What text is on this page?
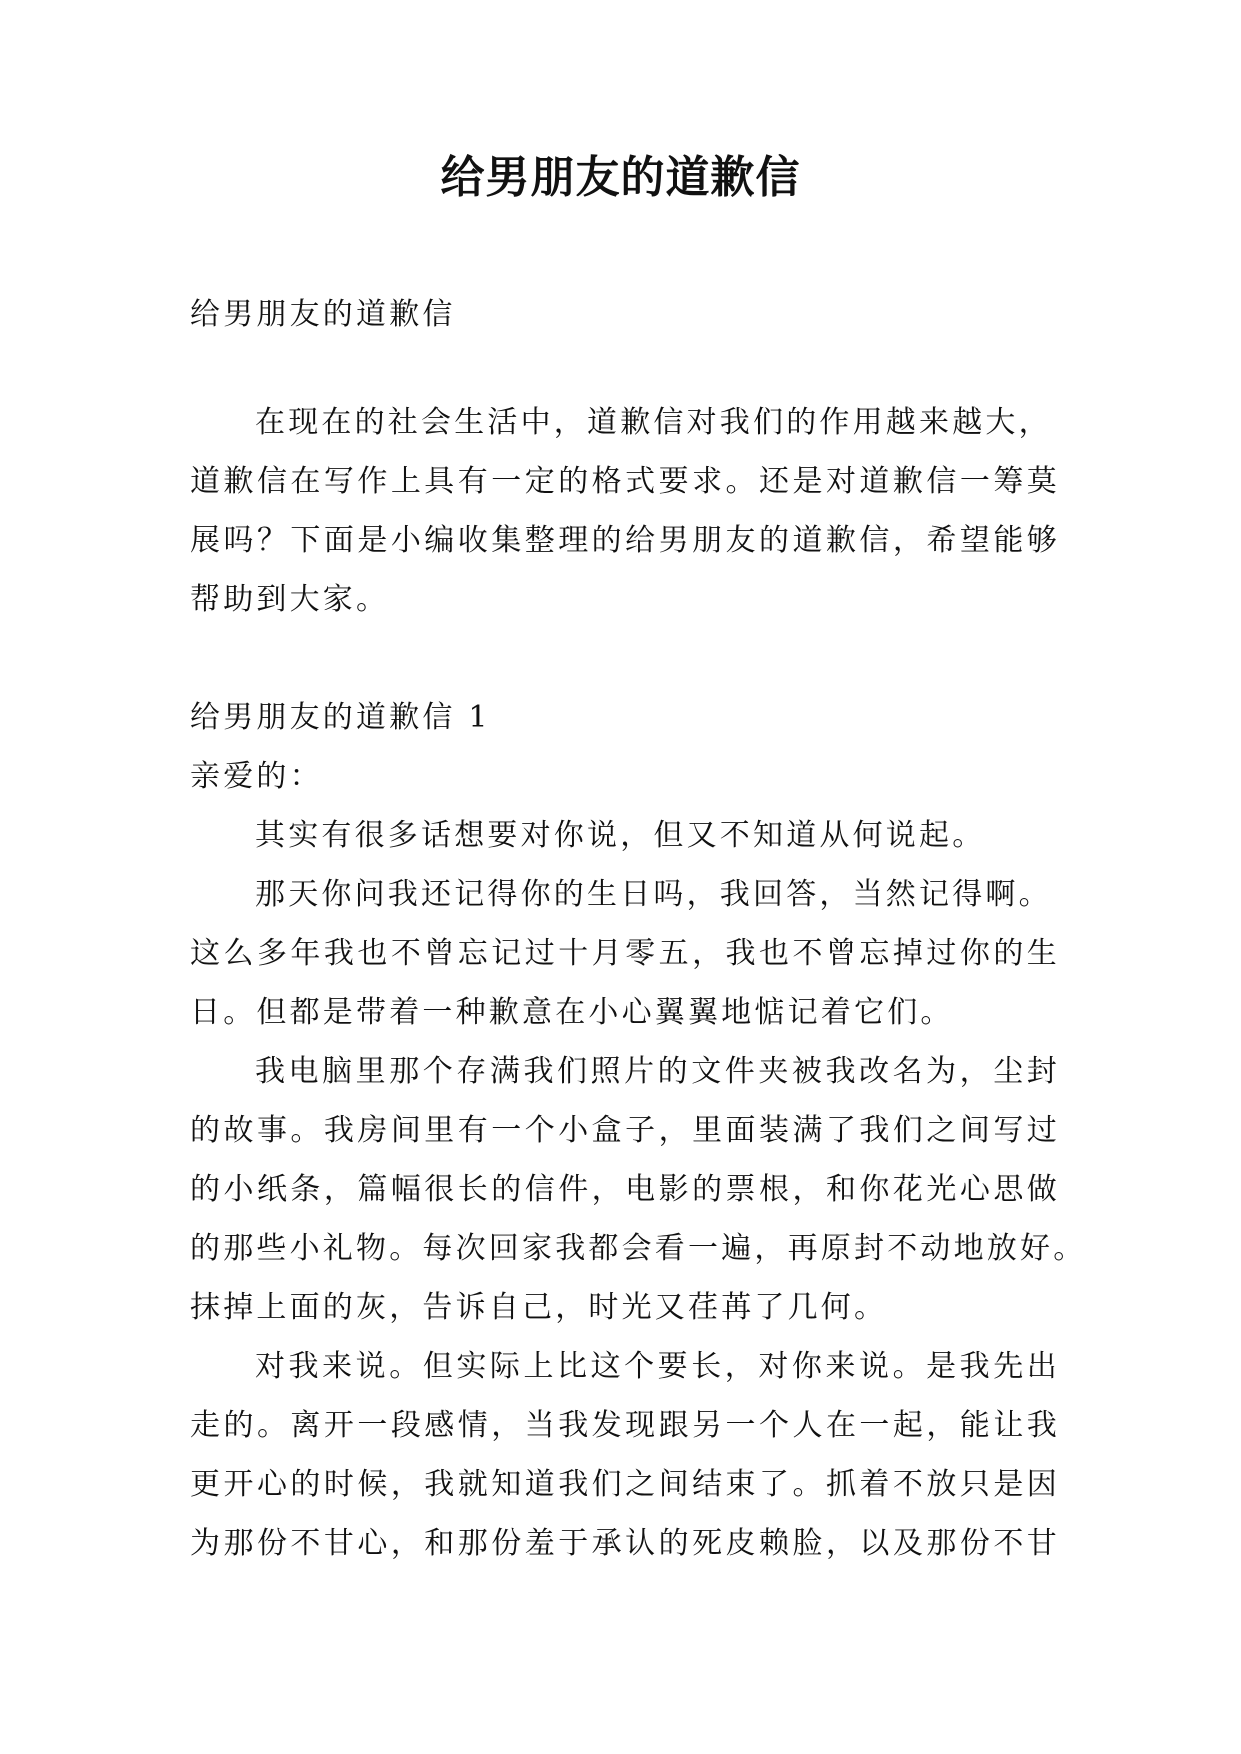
给男朋友的道歉信
给男朋友的道歉信
在现在的社会生活中，道歉信对我们的作用越来越大，
道歉信在写作上具有一定的格式要求。还是对道歉信一筹莫
展吗？下面是小编收集整理的给男朋友的道歉信，希望能够
帮助到大家。
给男朋友的道歉信 1
亲爱的：
其实有很多话想要对你说，但又不知道从何说起。
那天你问我还记得你的生日吗，我回答，当然记得啊。
这么多年我也不曾忘记过十月零五，我也不曾忘掉过你的生
日。但都是带着一种歉意在小心翼翼地惦记着它们。
我电脑里那个存满我们照片的文件夹被我改名为，尘封
的故事。我房间里有一个小盒子，里面装满了我们之间写过
的小纸条，篇幅很长的信件，电影的票根，和你花光心思做
的那些小礼物。每次回家我都会看一遍，再原封不动地放好。
抹掉上面的灰，告诉自己，时光又荏苒了几何。
对我来说。但实际上比这个要长，对你来说。是我先出
走的。离开一段感情，当我发现跟另一个人在一起，能让我
更开心的时候，我就知道我们之间结束了。抓着不放只是因
为那份不甘心，和那份羞于承认的死皮赖脸，以及那份不甘
